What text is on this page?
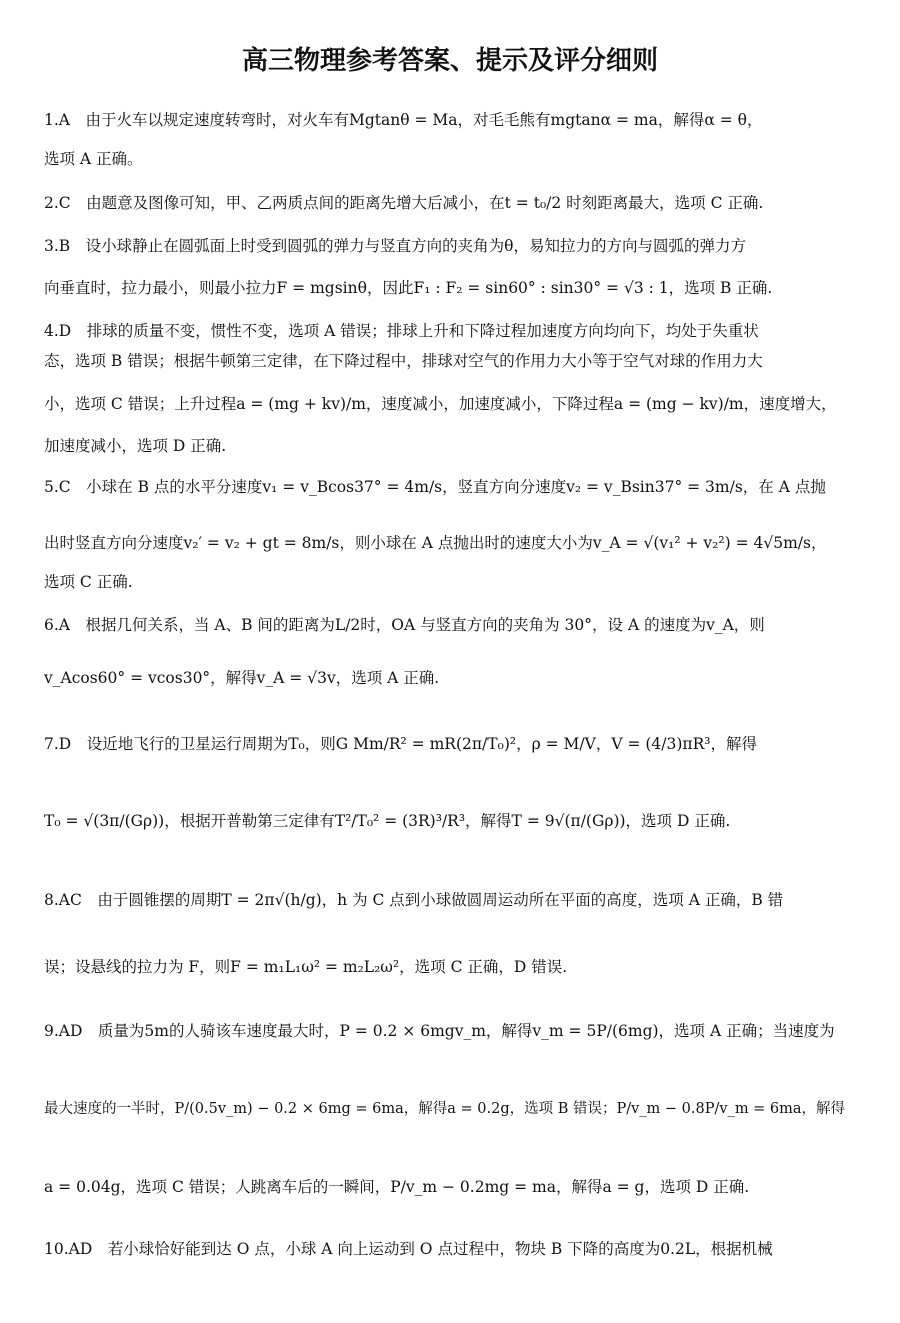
高三物理参考答案、提示及评分细则
1.A　由于火车以规定速度转弯时，对火车有Mgtanθ = Ma，对毛毛熊有mgtanα = ma，解得α = θ，
选项 A 正确。
2.C　由题意及图像可知，甲、乙两质点间的距离先增大后减小，在t = t₀/2 时刻距离最大，选项 C 正确.
3.B　设小球静止在圆弧面上时受到圆弧的弹力与竖直方向的夹角为θ，易知拉力的方向与圆弧的弹力方
向垂直时，拉力最小，则最小拉力F = mgsinθ，因此F₁ : F₂ = sin60° : sin30° = √3 : 1，选项 B 正确.
4.D　排球的质量不变，惯性不变，选项 A 错误；排球上升和下降过程加速度方向均向下，均处于失重状
态，选项 B 错误；根据牛顿第三定律，在下降过程中，排球对空气的作用力大小等于空气对球的作用力大
小，选项 C 错误；上升过程a = (mg + kv)/m，速度减小，加速度减小，下降过程a = (mg − kv)/m，速度增大，
加速度减小，选项 D 正确.
5.C　小球在 B 点的水平分速度v₁ = v_Bcos37° = 4m/s，竖直方向分速度v₂ = v_Bsin37° = 3m/s，在 A 点抛
出时竖直方向分速度v₂′ = v₂ + gt = 8m/s，则小球在 A 点抛出时的速度大小为v_A = √(v₁² + v₂²) = 4√5m/s，
选项 C 正确.
6.A　根据几何关系，当 A、B 间的距离为L/2时，OA 与竖直方向的夹角为 30°，设 A 的速度为v_A，则
v_Acos60° = vcos30°，解得v_A = √3v，选项 A 正确.
7.D　设近地飞行的卫星运行周期为T₀，则G Mm/R² = mR(2π/T₀)²，ρ = M/V，V = (4/3)πR³，解得
T₀ = √(3π/(Gρ))，根据开普勒第三定律有T²/T₀² = (3R)³/R³，解得T = 9√(π/(Gρ))，选项 D 正确.
8.AC　由于圆锥摆的周期T = 2π√(h/g)，h 为 C 点到小球做圆周运动所在平面的高度，选项 A 正确，B 错
误；设悬线的拉力为 F，则F = m₁L₁ω² = m₂L₂ω²，选项 C 正确，D 错误.
9.AD　质量为5m的人骑该车速度最大时，P = 0.2 × 6mgv_m，解得v_m = 5P/(6mg)，选项 A 正确；当速度为
最大速度的一半时，P/(0.5v_m) − 0.2 × 6mg = 6ma，解得a = 0.2g，选项 B 错误；P/v_m − 0.8P/v_m = 6ma，解得
a = 0.04g，选项 C 错误；人跳离车后的一瞬间，P/v_m − 0.2mg = ma，解得a = g，选项 D 正确.
10.AD　若小球恰好能到达 O 点，小球 A 向上运动到 O 点过程中，物块 B 下降的高度为0.2L，根据机械
